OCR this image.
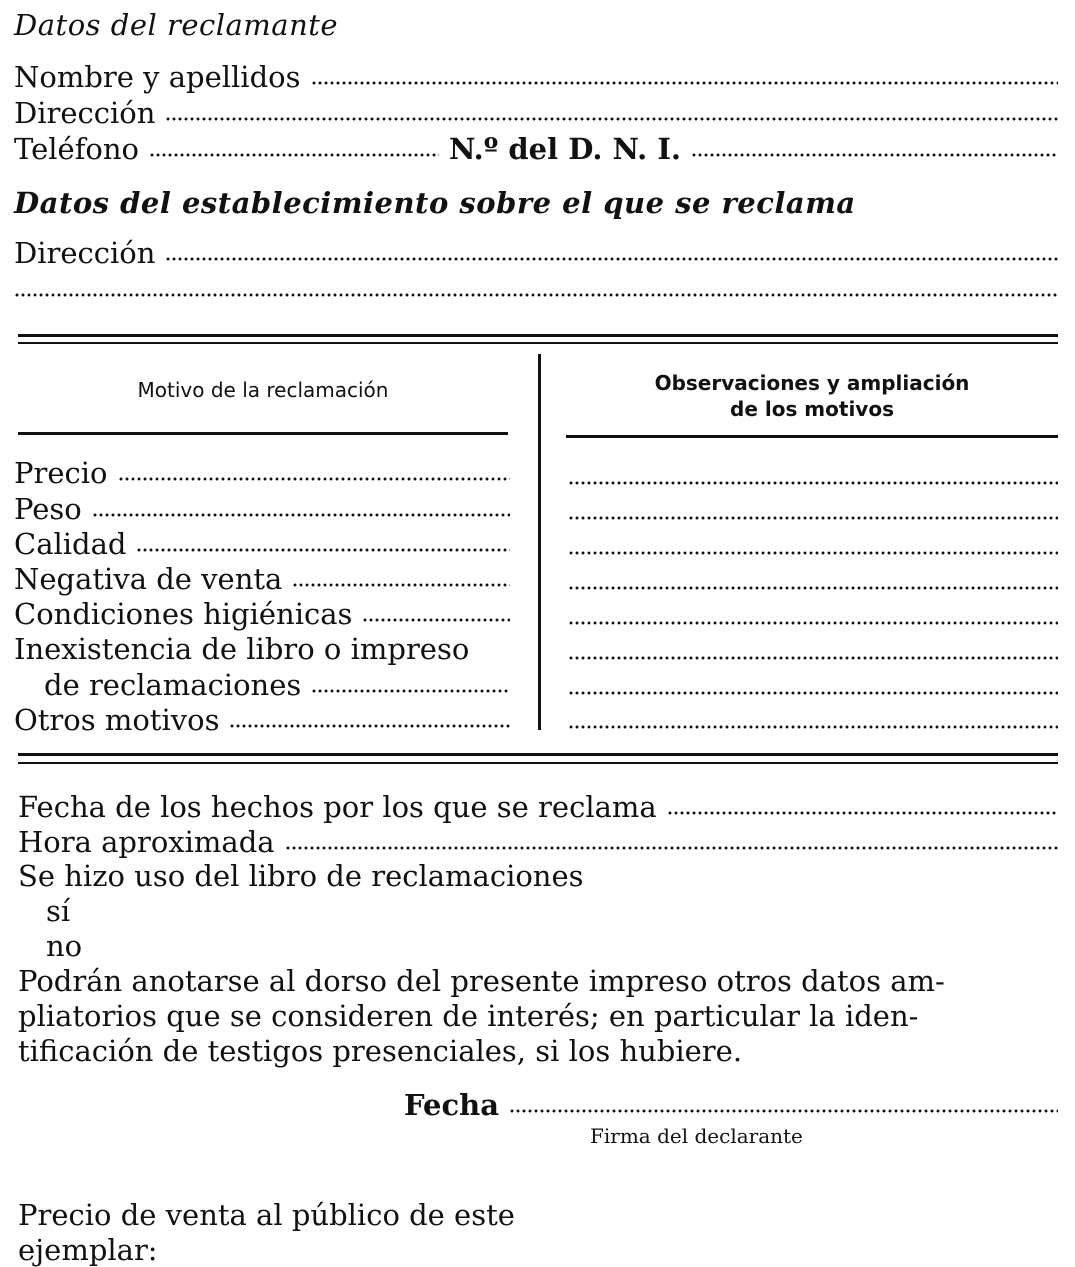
Datos del reclamante
Nombre y apellidos
Dirección
Teléfono	N.º del D. N. I.
Datos del establecimiento sobre el que se reclama
Dirección
Motivo de la reclamación	Observaciones y ampliación
de los motivos
Precio
Peso
Calidad
Negativa de venta
Condiciones higiénicas
Inexistencia de libro o impreso
de reclamaciones
Otros motivos
Fecha de los hechos por los que se reclama
Hora aproximada
Se hizo uso del libro de reclamaciones
sí
no
Podrán anotarse al dorso del presente impreso otros datos am-
pliatorios que se consideren de interés; en particular la iden-
tificación de testigos presenciales, si los hubiere.
Fecha
Firma del declarante
Precio de venta al público de este
ejemplar:
